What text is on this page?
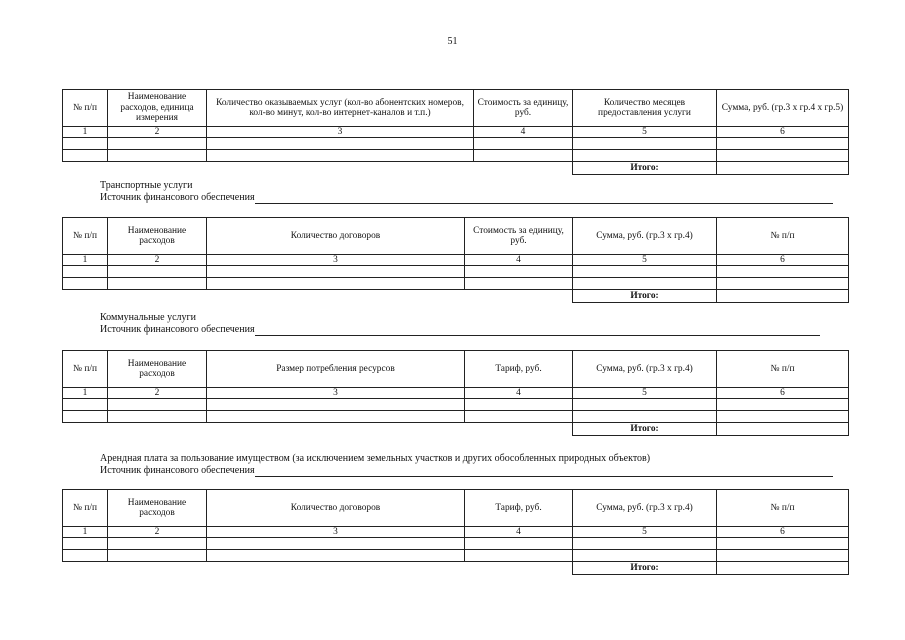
51
№ п/п	Наименование расходов, единица измерения	Количество оказываемых услуг (кол-во абонентских номеров, кол-во минут, кол-во интернет-каналов и т.п.)	Стоимость за единицу, руб.	Количество месяцев предоставления услуги	Сумма, руб. (гр.3 х гр.4 х гр.5)
1	2	3	4	5	6

				Итого:	
Транспортные услуги
Источник финансового обеспечения
№ п/п	Наименование расходов	Количество договоров	Стоимость за единицу, руб.	Сумма, руб. (гр.3 х гр.4)	№ п/п
1	2	3	4	5	6

				Итого:	
Коммунальные услуги
Источник финансового обеспечения
№ п/п	Наименование расходов	Размер потребления ресурсов	Тариф, руб.	Сумма, руб. (гр.3 х гр.4)	№ п/п
1	2	3	4	5	6

				Итого:	
Арендная плата за пользование имуществом (за исключением земельных участков и других обособленных природных объектов)
Источник финансового обеспечения
№ п/п	Наименование расходов	Количество договоров	Тариф, руб.	Сумма, руб. (гр.3 х гр.4)	№ п/п
1	2	3	4	5	6

				Итого:	
